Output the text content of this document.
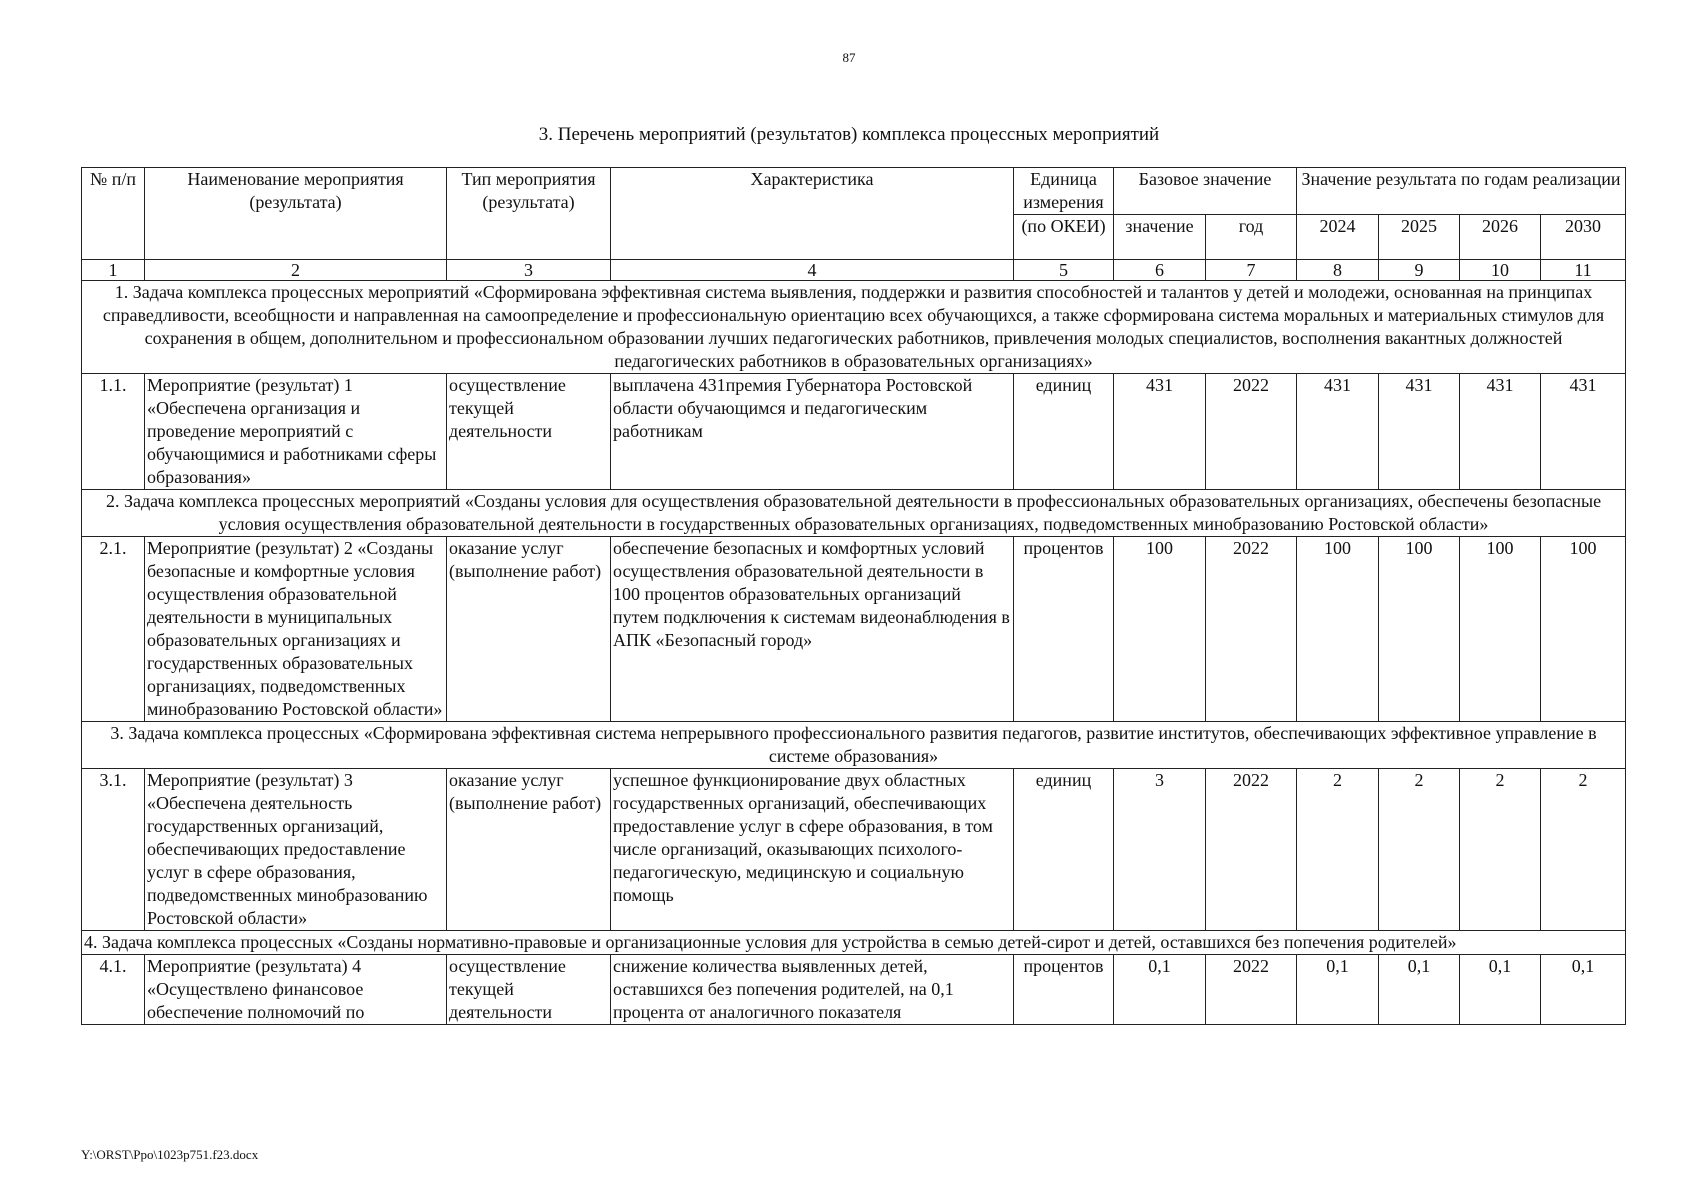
87
3. Перечень мероприятий (результатов) комплекса процессных мероприятий
№ п/п	Наименование мероприятия (результата)	Тип мероприятия (результата)	Характеристика	Единица измерения	Базовое значение		Значение результата по годам реализации			
				(по ОКЕИ)	значение	год	2024	2025	2026	2030
1	2	3	4	5	6	7	8	9	10	11
1. Задача комплекса процессных мероприятий «Сформирована эффективная система выявления, поддержки и развития способностей и талантов у детей и молодежи, основанная на принципах справедливости, всеобщности и направленная на самоопределение и профессиональную ориентацию всех обучающихся, а также сформирована система моральных и материальных стимулов для сохранения в общем, дополнительном и профессиональном образовании лучших педагогических работников, привлечения молодых специалистов, восполнения вакантных должностей педагогических работников в образовательных организациях»										
1.1.	Мероприятие (результат) 1 «Обеспечена организация и проведение мероприятий с обучающимися и работниками сферы образования»	осуществление текущей деятельности	выплачена 431премия Губернатора Ростовской области обучающимся и педагогическим работникам	единиц	431	2022	431	431	431	431
2. Задача комплекса процессных мероприятий «Созданы условия для осуществления образовательной деятельности в профессиональных образовательных организациях, обеспечены безопасные условия осуществления образовательной деятельности в государственных образовательных организациях, подведомственных минобразованию Ростовской области»										
2.1.	Мероприятие (результат) 2 «Созданы безопасные и комфортные условия осуществления образовательной деятельности в муниципальных образовательных организациях и государственных образовательных организациях, подведомственных минобразованию Ростовской области»	оказание услуг (выполнение работ)	обеспечение безопасных и комфортных условий осуществления образовательной деятельности в 100 процентов образовательных организаций путем подключения к системам видеонаблюдения в АПК «Безопасный город»	процентов	100	2022	100	100	100	100
3. Задача комплекса процессных «Сформирована эффективная система непрерывного профессионального развития педагогов, развитие институтов, обеспечивающих эффективное управление в системе образования»										
3.1.	Мероприятие (результат) 3 «Обеспечена деятельность государственных организаций, обеспечивающих предоставление услуг в сфере образования, подведомственных минобразованию Ростовской области»	оказание услуг (выполнение работ)	успешное функционирование двух областных государственных организаций, обеспечивающих предоставление услуг в сфере образования, в том числе организаций, оказывающих психолого-педагогическую, медицинскую и социальную помощь	единиц	3	2022	2	2	2	2
4. Задача комплекса процессных «Созданы нормативно-правовые и организационные условия для устройства в семью детей-сирот и детей, оставшихся без попечения родителей»										
4.1.	Мероприятие (результата) 4 «Осуществлено финансовое обеспечение полномочий по	осуществление текущей деятельности	снижение количества выявленных детей, оставшихся без попечения родителей, на 0,1 процента от аналогичного показателя	процентов	0,1	2022	0,1	0,1	0,1	0,1
Y:\ORST\Ppo\1023p751.f23.docx
